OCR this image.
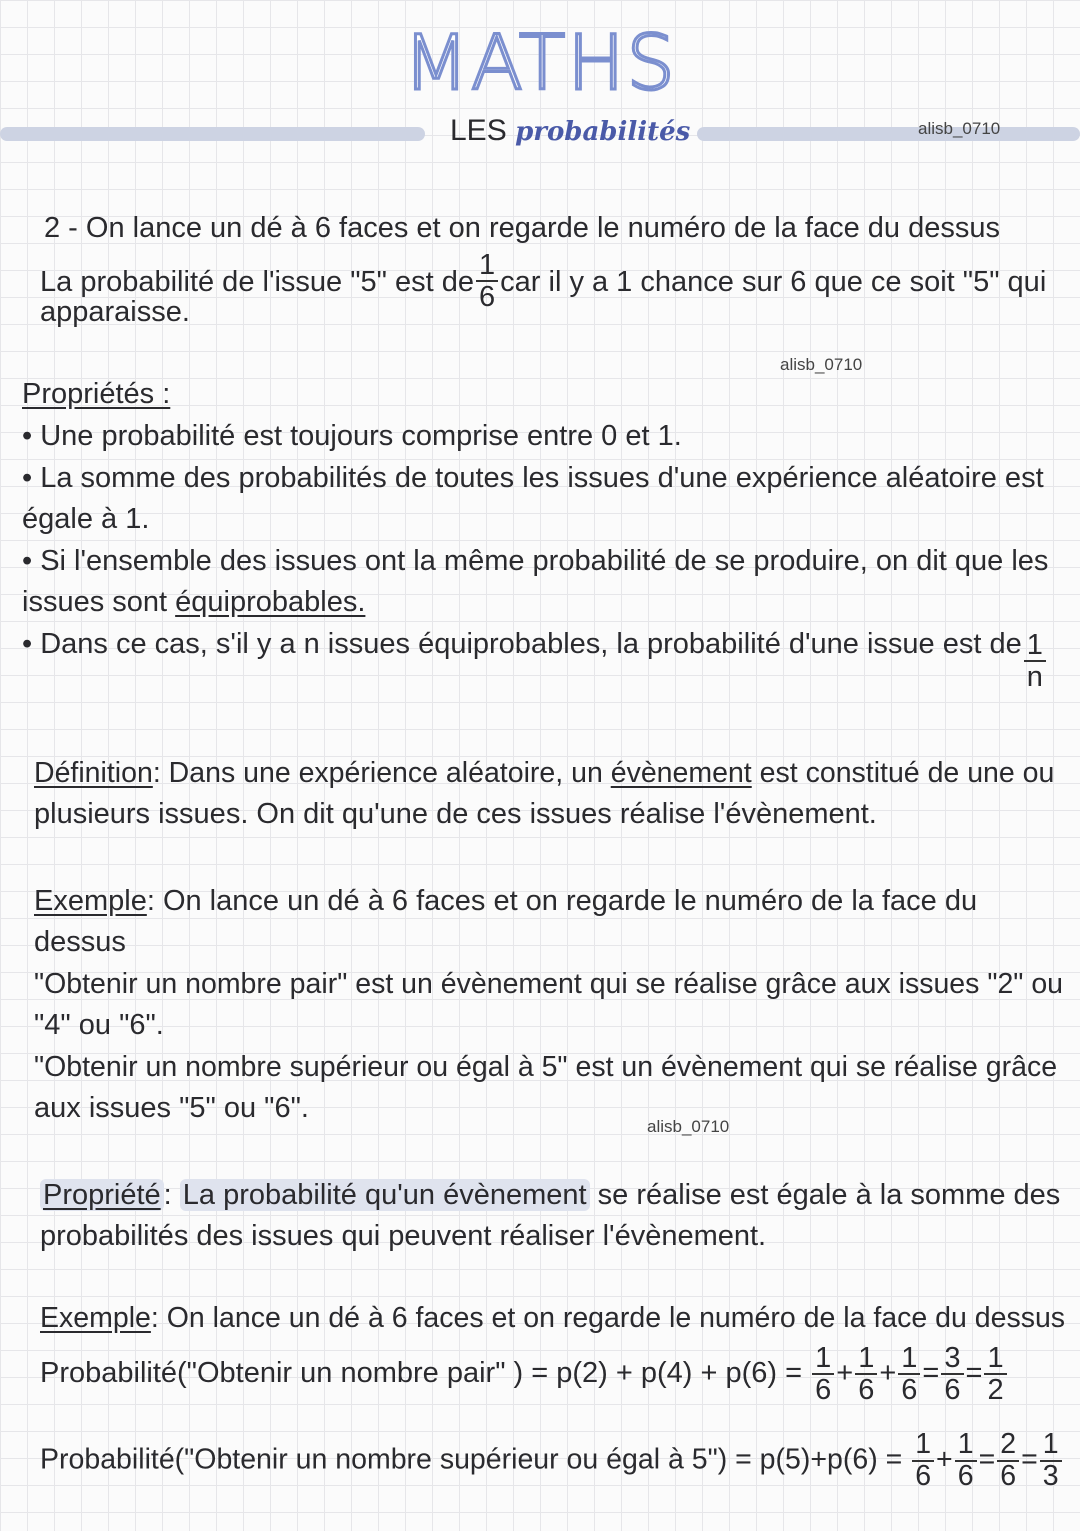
MATHS
LES probabilités	alisb_0710
2 - On lance un dé à 6 faces et on regarde le numéro de la face du dessus
La probabilité de l'issue "5" est de $\frac{1}{6}$ car il y a 1 chance sur 6 que ce soit "5" qui
apparaisse.
alisb_0710
Propriétés :
• Une probabilité est toujours comprise entre 0 et 1.
• La somme des probabilités de toutes les issues d'une expérience aléatoire est
égale à 1.
• Si l'ensemble des issues ont la même probabilité de se produire, on dit que les
issues sont équiprobables.
• Dans ce cas, s'il y a n issues équiprobables, la probabilité d'une issue est de $\frac{1}{n}$
Définition: Dans une expérience aléatoire, un évènement est constitué de une ou
plusieurs issues. On dit qu'une de ces issues réalise l'évènement.
Exemple: On lance un dé à 6 faces et on regarde le numéro de la face du
dessus
"Obtenir un nombre pair" est un évènement qui se réalise grâce aux issues "2" ou
"4" ou "6".
"Obtenir un nombre supérieur ou égal à 5" est un évènement qui se réalise grâce
aux issues "5" ou "6".
alisb_0710
Propriété : La probabilité qu'un évènement se réalise est égale à la somme des
probabilités des issues qui peuvent réaliser l'évènement.
Exemple: On lance un dé à 6 faces et on regarde le numéro de la face du dessus
Probabilité("Obtenir un nombre pair" ) = $p(2) + p(4) + p(6) = \frac{1}{6} + \frac{1}{6} + \frac{1}{6} = \frac{3}{6} = \frac{1}{2}$
Probabilité("Obtenir un nombre supérieur ou égal à 5") = $p(5)+p(6) = \frac{1}{6} + \frac{1}{6} = \frac{2}{6} = \frac{1}{3}$
